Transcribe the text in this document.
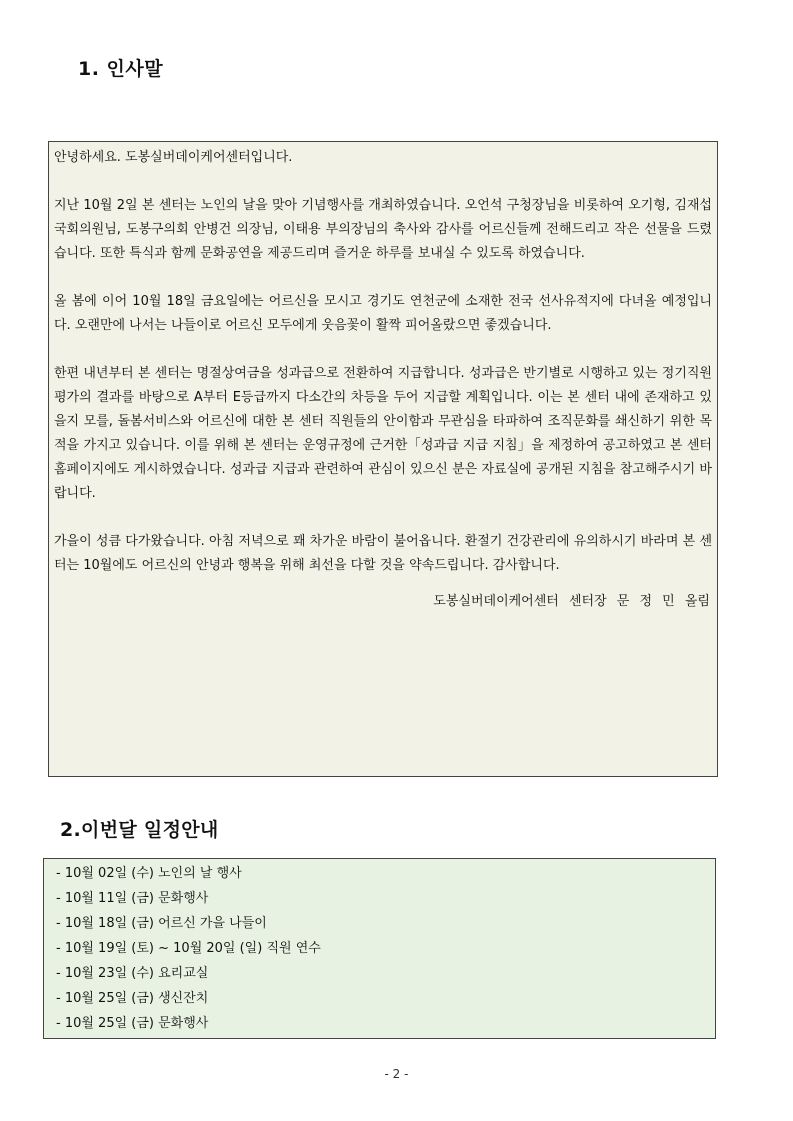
1. 인사말

안녕하세요. 도봉실버데이케어센터입니다.

지난 10월 2일 본 센터는 노인의 날을 맞아 기념행사를 개최하였습니다. 오언석 구청장님을 비롯하여 오기형, 김재섭 국회의원님, 도봉구의회 안병건 의장님, 이태용 부의장님의 축사와 감사를 어르신들께 전해드리고 작은 선물을 드렸습니다. 또한 특식과 함께 문화공연을 제공드리며 즐거운 하루를 보내실 수 있도록 하였습니다.

올 봄에 이어 10월 18일 금요일에는 어르신을 모시고 경기도 연천군에 소재한 전국 선사유적지에 다녀올 예정입니다. 오랜만에 나서는 나들이로 어르신 모두에게 웃음꽃이 활짝 피어올랐으면 좋겠습니다.

한편 내년부터 본 센터는 명절상여금을 성과급으로 전환하여 지급합니다. 성과급은 반기별로 시행하고 있는 정기직원평가의 결과를 바탕으로 A부터 E등급까지 다소간의 차등을 두어 지급할 계획입니다. 이는 본 센터 내에 존재하고 있을지 모를, 돌봄서비스와 어르신에 대한 본 센터 직원들의 안이함과 무관심을 타파하여 조직문화를 쇄신하기 위한 목적을 가지고 있습니다. 이를 위해 본 센터는 운영규정에 근거한「성과급 지급 지침」을 제정하여 공고하였고 본 센터 홈페이지에도 게시하였습니다. 성과급 지급과 관련하여 관심이 있으신 분은 자료실에 공개된 지침을 참고해주시기 바랍니다.

가을이 성큼 다가왔습니다. 아침 저녁으로 꽤 차가운 바람이 불어옵니다. 환절기 건강관리에 유의하시기 바라며 본 센터는 10월에도 어르신의 안녕과 행복을 위해 최선을 다할 것을 약속드립니다. 감사합니다.

도봉실버데이케어센터 센터장 문 정 민 올림

2.이번달 일정안내
- 10월 02일 (수) 노인의 날 행사
- 10월 11일 (금) 문화행사
- 10월 18일 (금) 어르신 가을 나들이
- 10월 19일 (토) ~ 10월 20일 (일) 직원 연수
- 10월 23일 (수) 요리교실
- 10월 25일 (금) 생신잔치
- 10월 25일 (금) 문화행사
- 2 -
